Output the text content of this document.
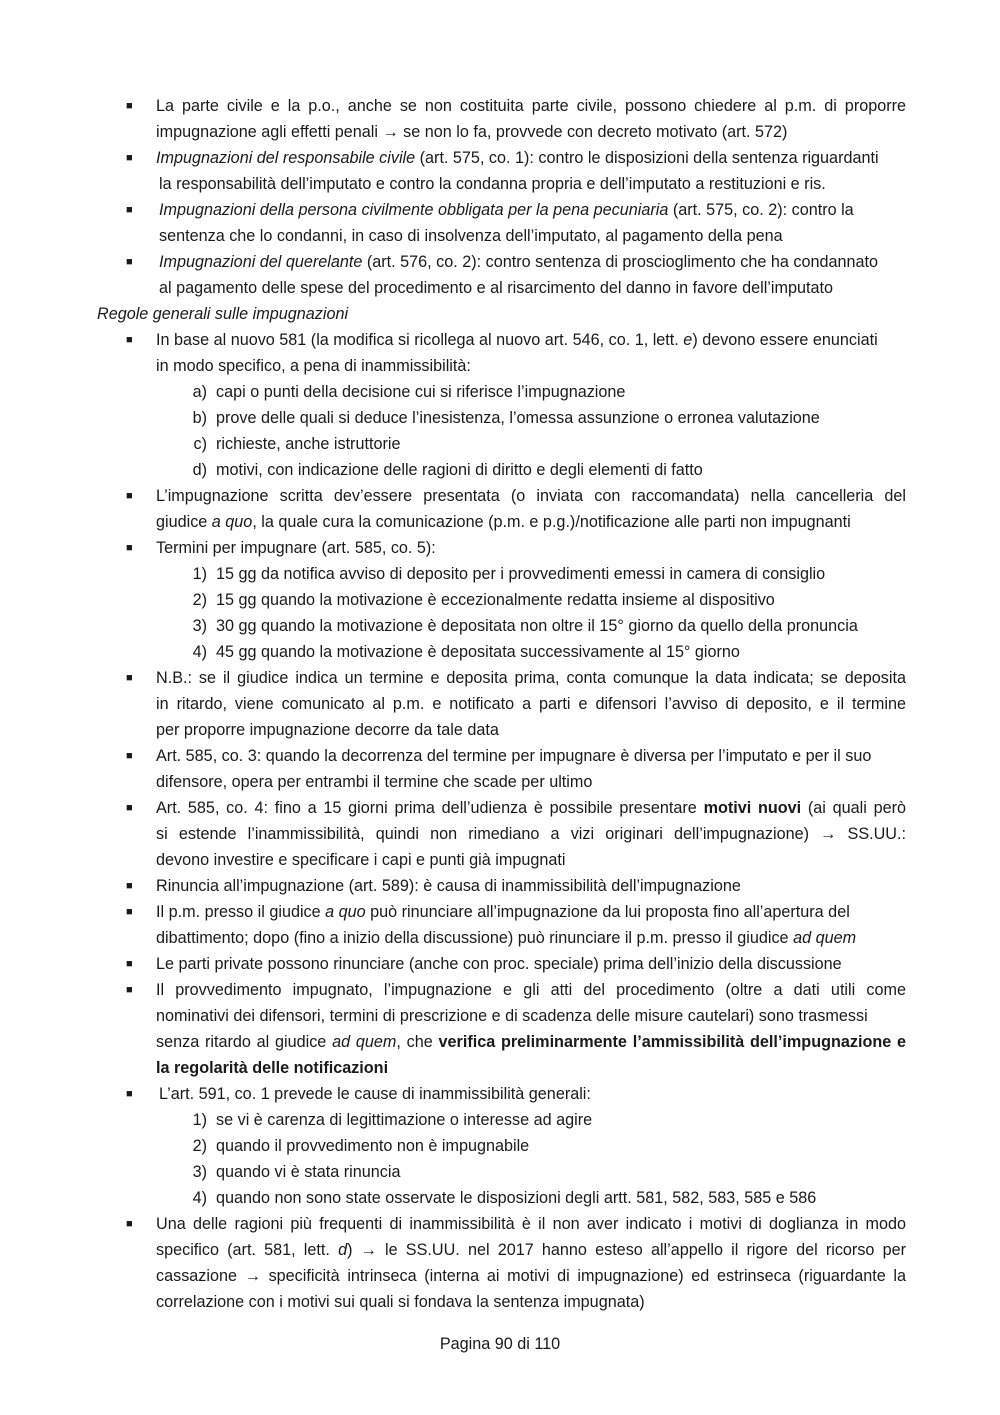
■ La parte civile e la p.o., anche se non costituita parte civile, possono chiedere al p.m. di proporre
impugnazione agli effetti penali → se non lo fa, provvede con decreto motivato (art. 572)
■ Impugnazioni del responsabile civile (art. 575, co. 1): contro le disposizioni della sentenza riguardanti
la responsabilità dell’imputato e contro la condanna propria e dell’imputato a restituzioni e ris.
■ Impugnazioni della persona civilmente obbligata per la pena pecuniaria (art. 575, co. 2): contro la
sentenza che lo condanni, in caso di insolvenza dell’imputato, al pagamento della pena
■ Impugnazioni del querelante (art. 576, co. 2): contro sentenza di proscioglimento che ha condannato
al pagamento delle spese del procedimento e al risarcimento del danno in favore dell’imputato
Regole generali sulle impugnazioni
■ In base al nuovo 581 (la modifica si ricollega al nuovo art. 546, co. 1, lett. e) devono essere enunciati
in modo specifico, a pena di inammissibilità:
a) capi o punti della decisione cui si riferisce l’impugnazione
b) prove delle quali si deduce l’inesistenza, l’omessa assunzione o erronea valutazione
c) richieste, anche istruttorie
d) motivi, con indicazione delle ragioni di diritto e degli elementi di fatto
■ L’impugnazione scritta dev’essere presentata (o inviata con raccomandata) nella cancelleria del
giudice a quo, la quale cura la comunicazione (p.m. e p.g.)/notificazione alle parti non impugnanti
■ Termini per impugnare (art. 585, co. 5):
1) 15 gg da notifica avviso di deposito per i provvedimenti emessi in camera di consiglio
2) 15 gg quando la motivazione è eccezionalmente redatta insieme al dispositivo
3) 30 gg quando la motivazione è depositata non oltre il 15° giorno da quello della pronuncia
4) 45 gg quando la motivazione è depositata successivamente al 15° giorno
■ N.B.: se il giudice indica un termine e deposita prima, conta comunque la data indicata; se deposita
in ritardo, viene comunicato al p.m. e notificato a parti e difensori l’avviso di deposito, e il termine
per proporre impugnazione decorre da tale data
■ Art. 585, co. 3: quando la decorrenza del termine per impugnare è diversa per l’imputato e per il suo
difensore, opera per entrambi il termine che scade per ultimo
■ Art. 585, co. 4: fino a 15 giorni prima dell’udienza è possibile presentare motivi nuovi (ai quali però
si estende l’inammissibilità, quindi non rimediano a vizi originari dell’impugnazione) → SS.UU.:
devono investire e specificare i capi e punti già impugnati
■ Rinuncia all’impugnazione (art. 589): è causa di inammissibilità dell’impugnazione
■ Il p.m. presso il giudice a quo può rinunciare all’impugnazione da lui proposta fino all’apertura del
dibattimento; dopo (fino a inizio della discussione) può rinunciare il p.m. presso il giudice ad quem
■ Le parti private possono rinunciare (anche con proc. speciale) prima dell’inizio della discussione
■ Il provvedimento impugnato, l’impugnazione e gli atti del procedimento (oltre a dati utili come
nominativi dei difensori, termini di prescrizione e di scadenza delle misure cautelari) sono trasmessi
senza ritardo al giudice ad quem, che verifica preliminarmente l’ammissibilità dell’impugnazione e
la regolarità delle notificazioni
■ L’art. 591, co. 1 prevede le cause di inammissibilità generali:
1) se vi è carenza di legittimazione o interesse ad agire
2) quando il provvedimento non è impugnabile
3) quando vi è stata rinuncia
4) quando non sono state osservate le disposizioni degli artt. 581, 582, 583, 585 e 586
■ Una delle ragioni più frequenti di inammissibilità è il non aver indicato i motivi di doglianza in modo
specifico (art. 581, lett. d) → le SS.UU. nel 2017 hanno esteso all’appello il rigore del ricorso per
cassazione → specificità intrinseca (interna ai motivi di impugnazione) ed estrinseca (riguardante la
correlazione con i motivi sui quali si fondava la sentenza impugnata)
Pagina 90 di 110
